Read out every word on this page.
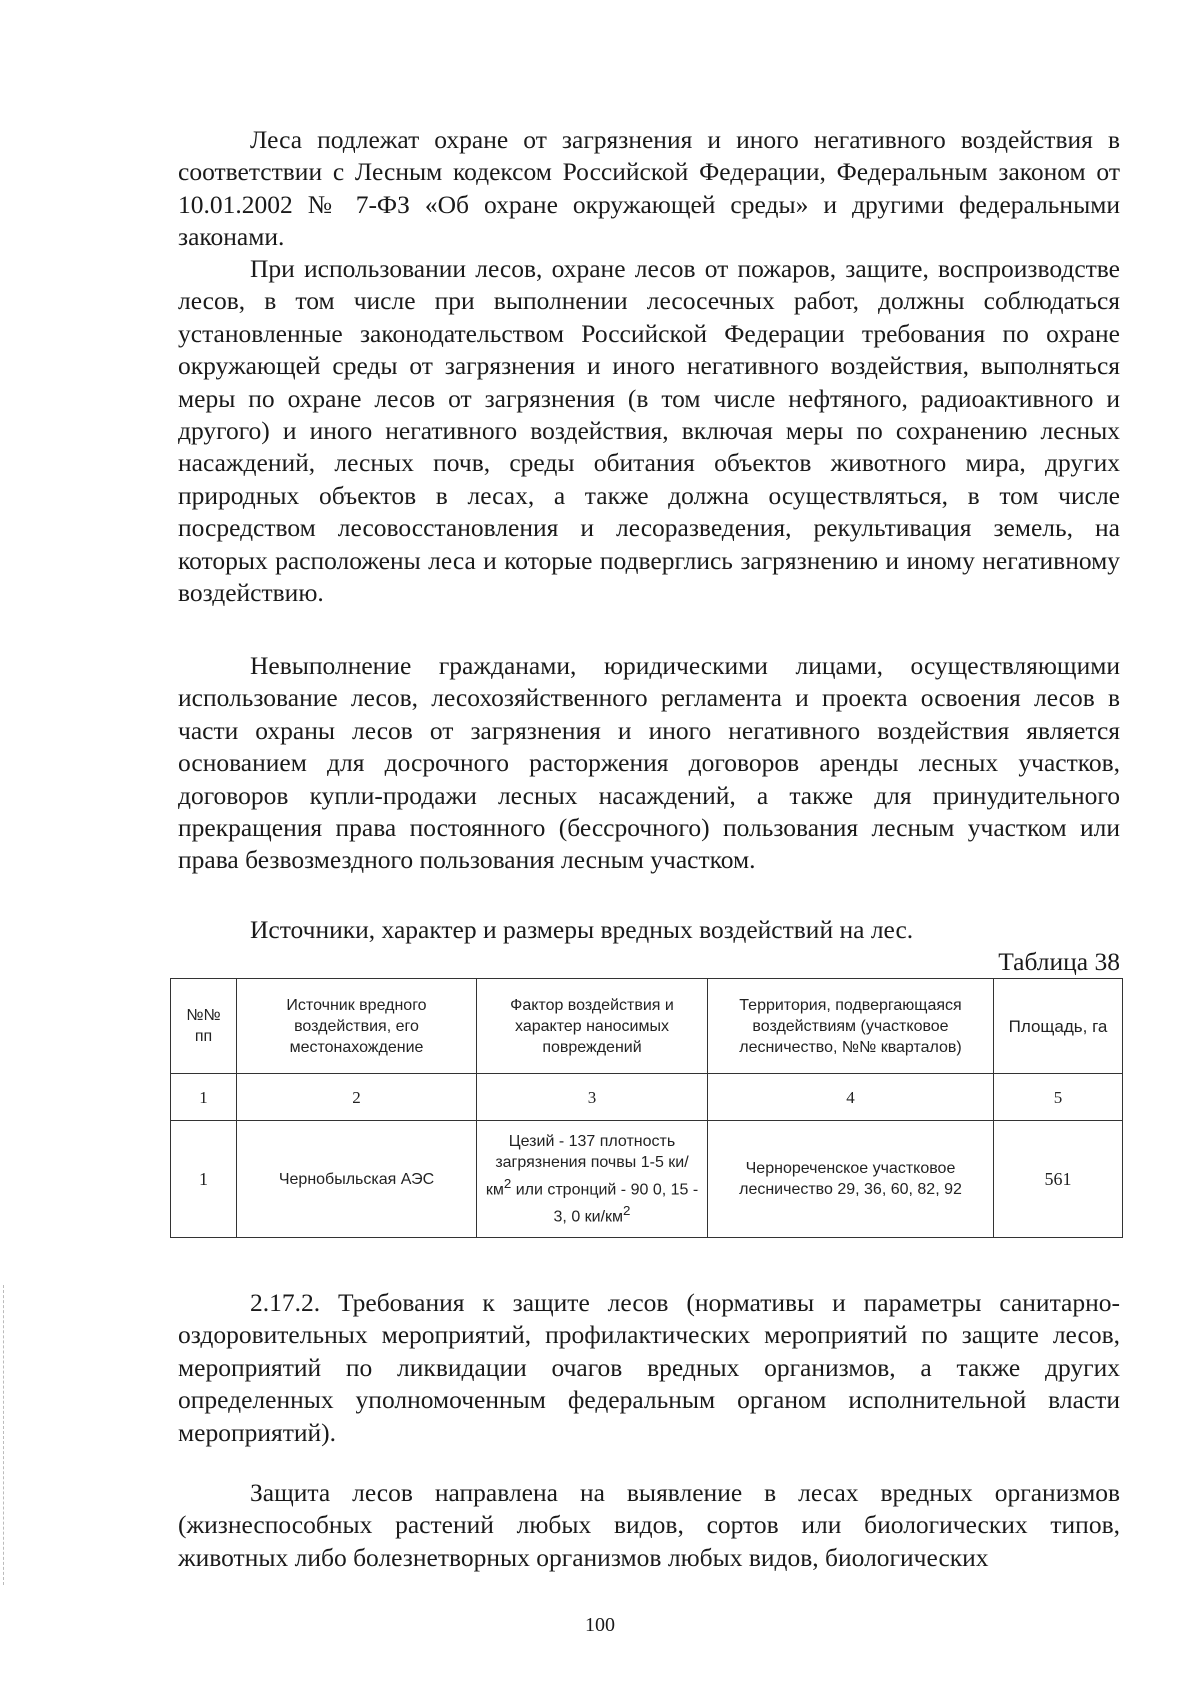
Леса подлежат охране от загрязнения и иного негативного воздействия в соответствии с Лесным кодексом Российской Федерации, Федеральным законом от 10.01.2002 № 7-ФЗ «Об охране окружающей среды» и другими федеральными законами.

При использовании лесов, охране лесов от пожаров, защите, воспроизводстве лесов, в том числе при выполнении лесосечных работ, должны соблюдаться установленные законодательством Российской Федерации требования по охране окружающей среды от загрязнения и иного негативного воздействия, выполняться меры по охране лесов от загрязнения (в том числе нефтяного, радиоактивного и другого) и иного негативного воздействия, включая меры по сохранению лесных насаждений, лесных почв, среды обитания объектов животного мира, других природных объектов в лесах, а также должна осуществляться, в том числе посредством лесовосстановления и лесоразведения, рекультивация земель, на которых расположены леса и которые подверглись загрязнению и иному негативному воздействию.

Невыполнение гражданами, юридическими лицами, осуществляющими использование лесов, лесохозяйственного регламента и проекта освоения лесов в части охраны лесов от загрязнения и иного негативного воздействия является основанием для досрочного расторжения договоров аренды лесных участков, договоров купли-продажи лесных насаждений, а также для принудительного прекращения права постоянного (бессрочного) пользования лесным участком или права безвозмездного пользования лесным участком.

Источники, характер и размеры вредных воздействий на лес.
Таблица 38
№№ пп	Источник вредного воздействия, его местонахождение	Фактор воздействия и характер наносимых повреждений	Территория, подвергающаяся воздействиям (участковое лесничество, №№ кварталов)	Площадь, га
1	2	3	4	5
1	Чернобыльская АЭС	Цезий - 137 плотность загрязнения почвы 1-5 $ки/км^2$ или стронций - 90 0, 15 - 3, 0 $ки/км^2$	Чернореченское участковое лесничество 29, 36, 60, 82, 92	561

2.17.2. Требования к защите лесов (нормативы и параметры санитарно-оздоровительных мероприятий, профилактических мероприятий по защите лесов, мероприятий по ликвидации очагов вредных организмов, а также других определенных уполномоченным федеральным органом исполнительной власти мероприятий).

Защита лесов направлена на выявление в лесах вредных организмов (жизнеспособных растений любых видов, сортов или биологических типов, животных либо болезнетворных организмов любых видов, биологических

100
